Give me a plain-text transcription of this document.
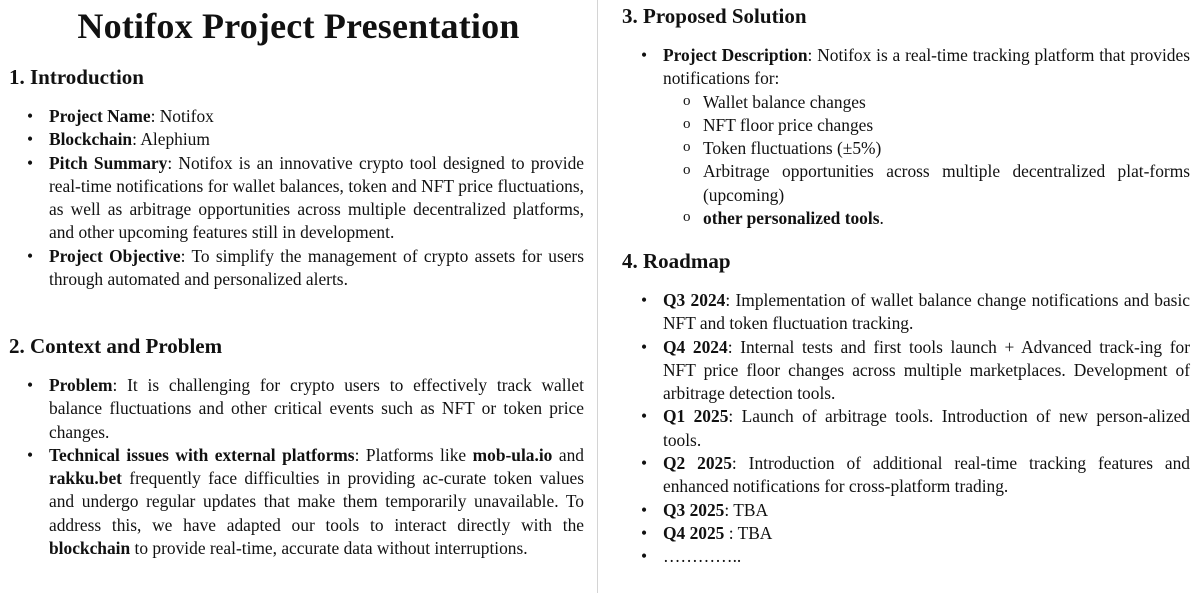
Notifox Project Presentation
1. Introduction
• Project Name: Notifox
• Blockchain: Alephium
• Pitch Summary: Notifox is an innovative crypto tool designed to provide real-time notifications for wallet balances, token and NFT price fluctuations, as well as arbitrage opportunities across multiple decentralized platforms, and other upcoming features still in development.
• Project Objective: To simplify the management of crypto assets for users through automated and personalized alerts.
2. Context and Problem
• Problem: It is challenging for crypto users to effectively track wallet balance fluctuations and other critical events such as NFT or token price changes.
• Technical issues with external platforms: Platforms like mob-ula.io and rakku.bet frequently face difficulties in providing ac-curate token values and undergo regular updates that make them temporarily unavailable. To address this, we have adapted our tools to interact directly with the blockchain to provide real-time, accurate data without interruptions.
3. Proposed Solution
• Project Description: Notifox is a real-time tracking platform that provides notifications for:
o Wallet balance changes
o NFT floor price changes
o Token fluctuations (±5%)
o Arbitrage opportunities across multiple decentralized plat-forms (upcoming)
o other personalized tools.
4. Roadmap
• Q3 2024: Implementation of wallet balance change notifications and basic NFT and token fluctuation tracking.
• Q4 2024: Internal tests and first tools launch + Advanced track-ing for NFT price floor changes across multiple marketplaces. Development of arbitrage detection tools.
• Q1 2025: Launch of arbitrage tools. Introduction of new person-alized tools.
• Q2 2025: Introduction of additional real-time tracking features and enhanced notifications for cross-platform trading.
• Q3 2025: TBA
• Q4 2025 : TBA
• …………..
